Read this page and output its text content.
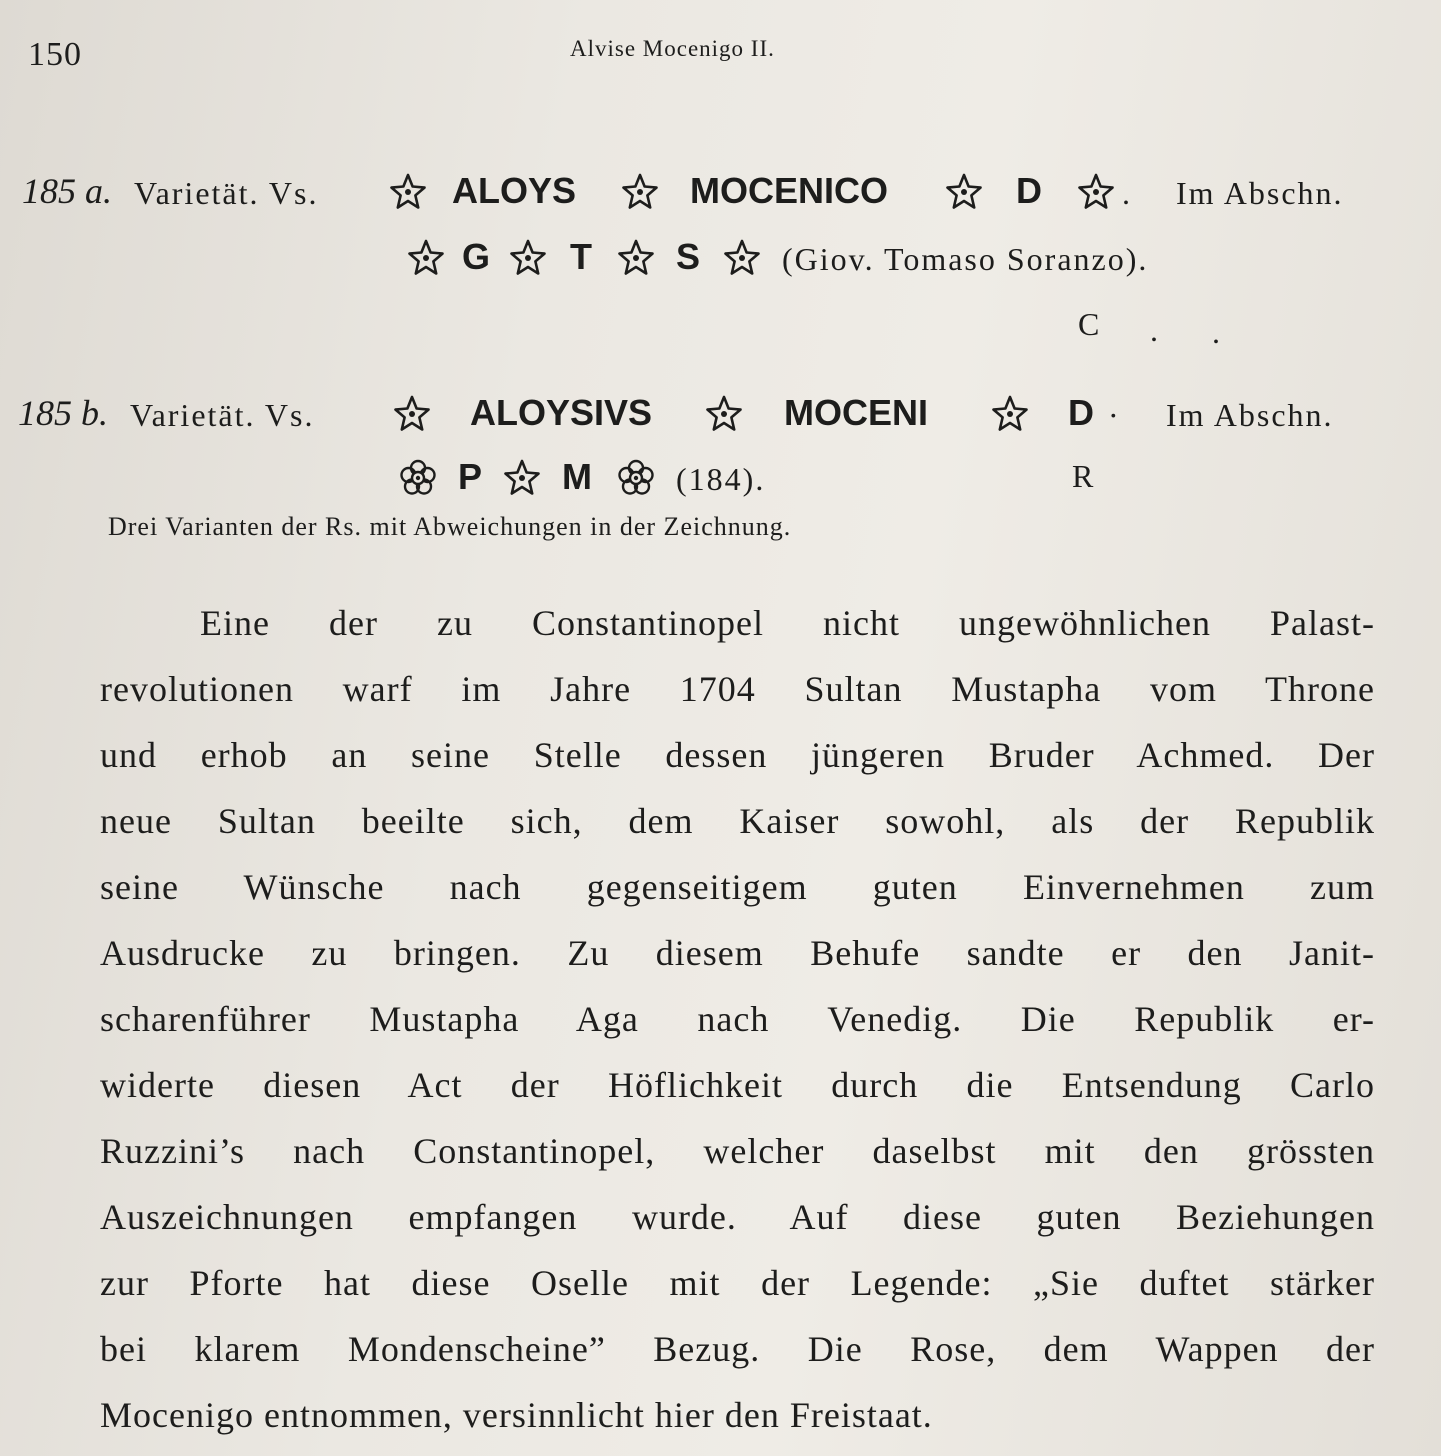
150	Alvise Mocenigo II.
185 a. Varietät. Vs.	ALOYS	MOCENICO	D	. Im Abschn.
G T S	(Giov. Tomaso Soranzo).
C . .
185 b. Varietät. Vs.	ALOYSIVS	MOCENI	D · Im Abschn.
P M	(184).	R
Drei Varianten der Rs. mit Abweichungen in der Zeichnung.
Eine der zu Constantinopel nicht ungewöhnlichen Palast-
revolutionen warf im Jahre 1704 Sultan Mustapha vom Throne
und erhob an seine Stelle dessen jüngeren Bruder Achmed. Der
neue Sultan beeilte sich, dem Kaiser sowohl, als der Republik
seine Wünsche nach gegenseitigem guten Einvernehmen zum
Ausdrucke zu bringen. Zu diesem Behufe sandte er den Janit-
scharenführer Mustapha Aga nach Venedig. Die Republik er-
widerte diesen Act der Höflichkeit durch die Entsendung Carlo
Ruzzini’s nach Constantinopel, welcher daselbst mit den grössten
Auszeichnungen empfangen wurde. Auf diese guten Beziehungen
zur Pforte hat diese Oselle mit der Legende: „Sie duftet stärker
bei klarem Mondenscheine” Bezug. Die Rose, dem Wappen der
Mocenigo entnommen, versinnlicht hier den Freistaat.
